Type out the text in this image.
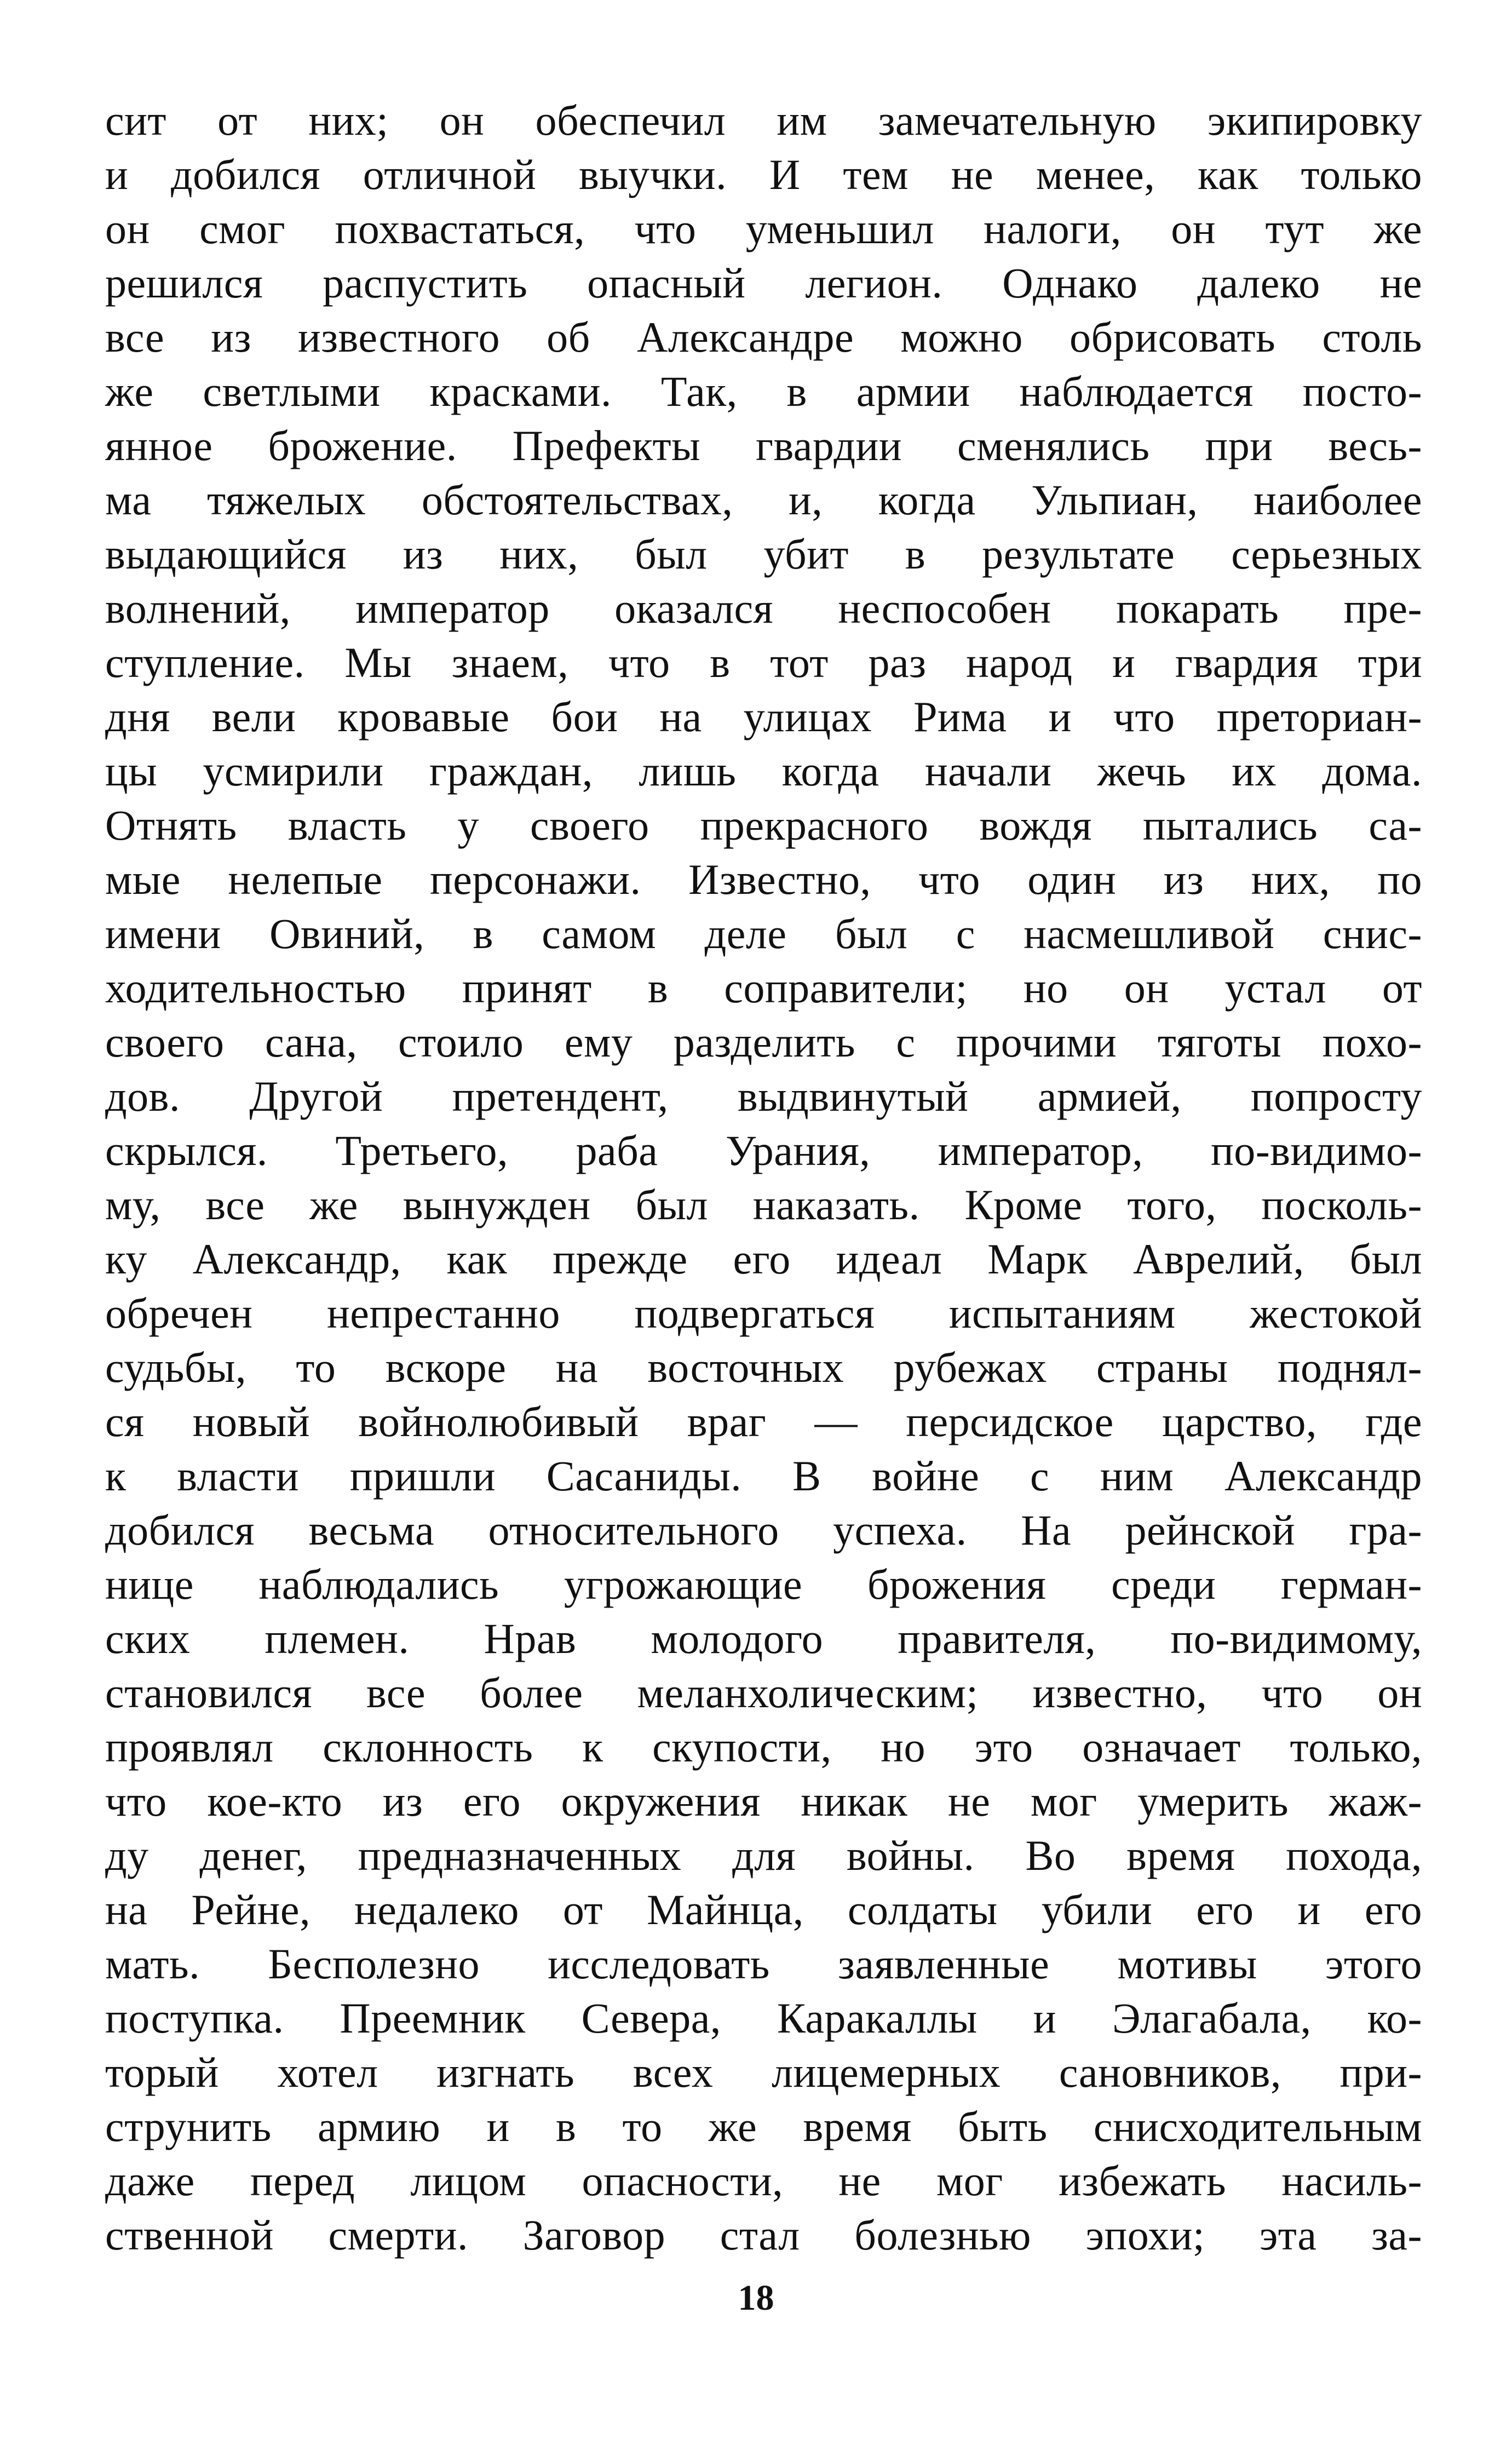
сит от них; он обеспечил им замечательную экипировку
и добился отличной выучки. И тем не менее, как только
он смог похвастаться, что уменьшил налоги, он тут же
решился распустить опасный легион. Однако далеко не
все из известного об Александре можно обрисовать столь
же светлыми красками. Так, в армии наблюдается посто-
янное брожение. Префекты гвардии сменялись при весь-
ма тяжелых обстоятельствах, и, когда Ульпиан, наиболее
выдающийся из них, был убит в результате серьезных
волнений, император оказался неспособен покарать пре-
ступление. Мы знаем, что в тот раз народ и гвардия три
дня вели кровавые бои на улицах Рима и что преториан-
цы усмирили граждан, лишь когда начали жечь их дома.
Отнять власть у своего прекрасного вождя пытались са-
мые нелепые персонажи. Известно, что один из них, по
имени Овиний, в самом деле был с насмешливой снис-
ходительностью принят в соправители; но он устал от
своего сана, стоило ему разделить с прочими тяготы похо-
дов. Другой претендент, выдвинутый армией, попросту
скрылся. Третьего, раба Урания, император, по-видимо-
му, все же вынужден был наказать. Кроме того, посколь-
ку Александр, как прежде его идеал Марк Аврелий, был
обречен непрестанно подвергаться испытаниям жестокой
судьбы, то вскоре на восточных рубежах страны поднял-
ся новый войнолюбивый враг — персидское царство, где
к власти пришли Сасаниды. В войне с ним Александр
добился весьма относительного успеха. На рейнской гра-
нице наблюдались угрожающие брожения среди герман-
ских племен. Нрав молодого правителя, по-видимому,
становился все более меланхолическим; известно, что он
проявлял склонность к скупости, но это означает только,
что кое-кто из его окружения никак не мог умерить жаж-
ду денег, предназначенных для войны. Во время похода,
на Рейне, недалеко от Майнца, солдаты убили его и его
мать. Бесполезно исследовать заявленные мотивы этого
поступка. Преемник Севера, Каракаллы и Элагабала, ко-
торый хотел изгнать всех лицемерных сановников, при-
струнить армию и в то же время быть снисходительным
даже перед лицом опасности, не мог избежать насиль-
ственной смерти. Заговор стал болезнью эпохи; эта за-
18
